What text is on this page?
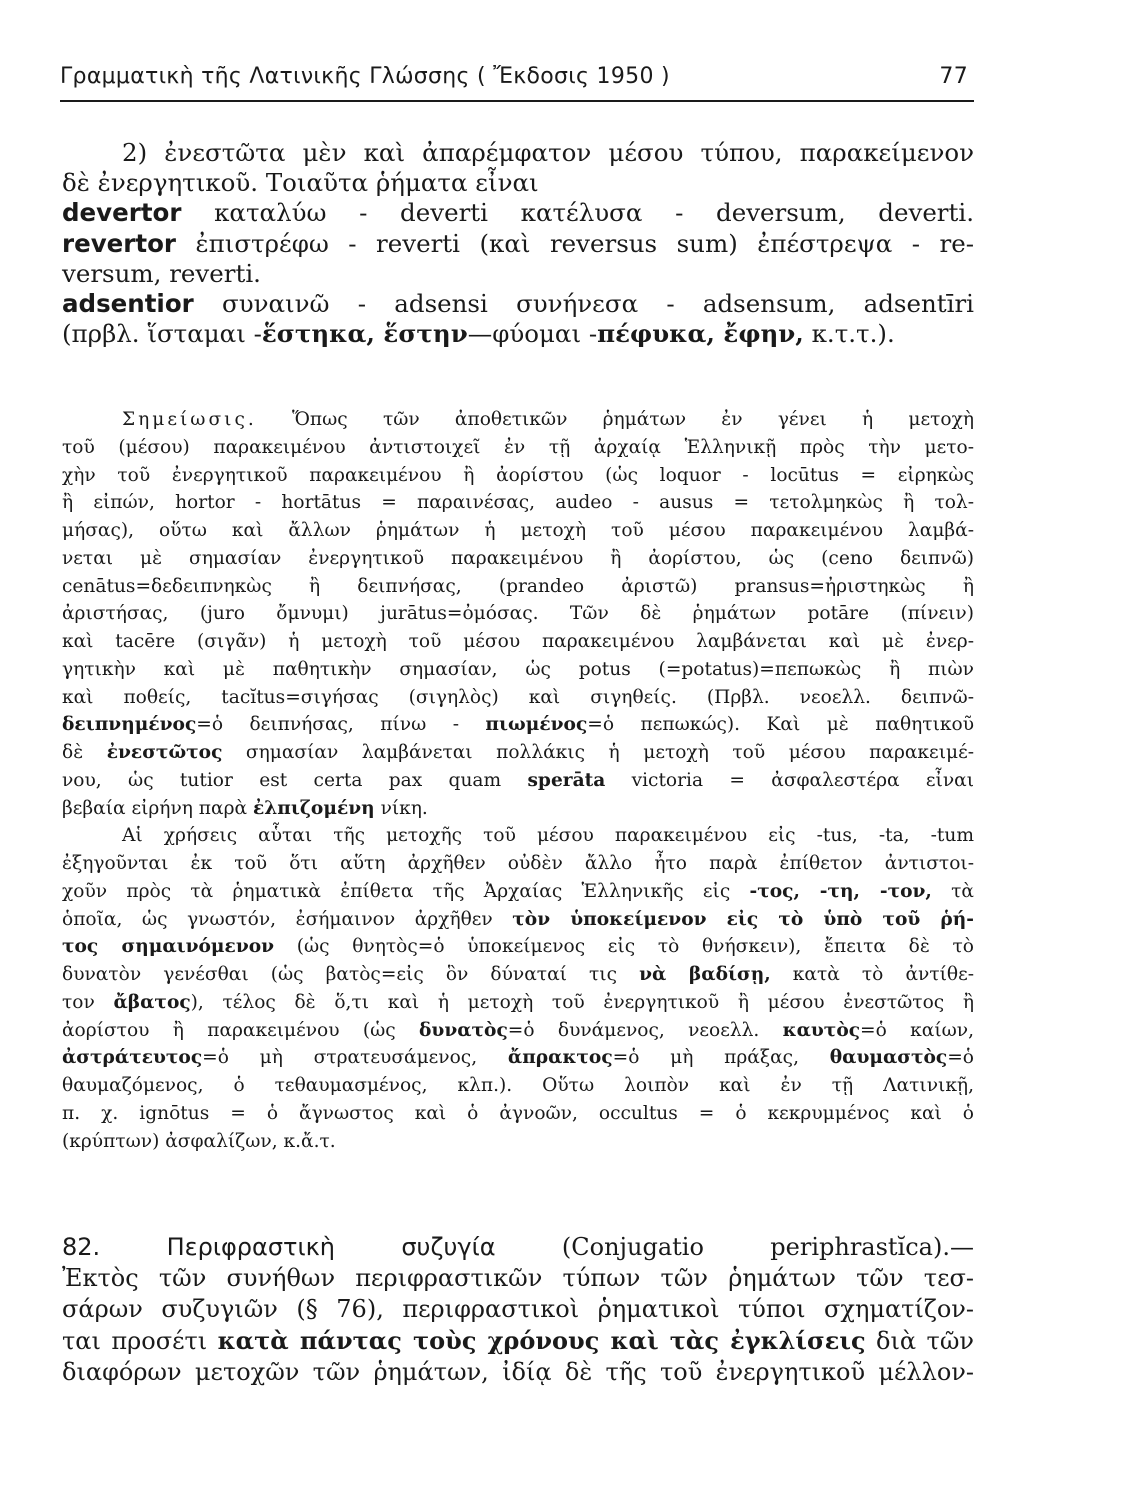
Γραμματικὴ τῆς Λατινικῆς Γλώσσης ( Ἔκδοσις 1950 )	77
2) ἐνεστῶτα μὲν καὶ ἀπαρέμφατον μέσου τύπου, παρακείμενον
δὲ ἐνεργητικοῦ. Τοιαῦτα ῥήματα εἶναι
devertor καταλύω - deverti κατέλυσα - deversum, deverti.
revertor ἐπιστρέφω - reverti (καὶ reversus sum) ἐπέστρεψα - re-
versum, reverti.
adsentior συναινῶ - adsensi συνήνεσα - adsensum, adsentīri
(πρβλ. ἵσταμαι -ἕστηκα, ἕστην—φύομαι -πέφυκα, ἔφην, κ.τ.τ.).
Σημείωσις. Ὅπως τῶν ἀποθετικῶν ῥημάτων ἐν γένει ἡ μετοχὴ
τοῦ (μέσου) παρακειμένου ἀντιστοιχεῖ ἐν τῇ ἀρχαίᾳ Ἑλληνικῇ πρὸς τὴν μετο-
χὴν τοῦ ἐνεργητικοῦ παρακειμένου ἢ ἀορίστου (ὡς loquor - locūtus = εἰρηκὼς
ἢ εἰπών, hortor - hortātus = παραινέσας, audeo - ausus = τετολμηκὼς ἢ τολ-
μήσας), οὕτω καὶ ἄλλων ῥημάτων ἡ μετοχὴ τοῦ μέσου παρακειμένου λαμβά-
νεται μὲ σημασίαν ἐνεργητικοῦ παρακειμένου ἢ ἀορίστου, ὡς (ceno δειπνῶ)
cenātus=δεδειπνηκὼς ἢ δειπνήσας, (prandeo ἀριστῶ) pransus=ἠριστηκὼς ἢ
ἀριστήσας, (juro ὄμνυμι) jurātus=ὀμόσας. Τῶν δὲ ῥημάτων potāre (πίνειν)
καὶ tacēre (σιγᾶν) ἡ μετοχὴ τοῦ μέσου παρακειμένου λαμβάνεται καὶ μὲ ἐνερ-
γητικὴν καὶ μὲ παθητικὴν σημασίαν, ὡς potus (=potatus)=πεπωκὼς ἢ πιὼν
καὶ ποθείς, tacĭtus=σιγήσας (σιγηλὸς) καὶ σιγηθείς. (Πρβλ. νεοελλ. δειπνῶ-
δειπνημένος=ὁ δειπνήσας, πίνω - πιωμένος=ὁ πεπωκώς). Καὶ μὲ παθητικοῦ
δὲ ἐνεστῶτος σημασίαν λαμβάνεται πολλάκις ἡ μετοχὴ τοῦ μέσου παρακειμέ-
νου, ὡς tutior est certa pax quam sperāta victoria = ἀσφαλεστέρα εἶναι
βεβαία εἰρήνη παρὰ ἐλπιζομένη νίκη.
Αἱ χρήσεις αὗται τῆς μετοχῆς τοῦ μέσου παρακειμένου εἰς -tus, -ta, -tum
ἐξηγοῦνται ἐκ τοῦ ὅτι αὕτη ἀρχῆθεν οὐδὲν ἄλλο ἦτο παρὰ ἐπίθετον ἀντιστοι-
χοῦν πρὸς τὰ ῥηματικὰ ἐπίθετα τῆς Ἀρχαίας Ἑλληνικῆς εἰς -τος, -τη, -τον, τὰ
ὁποῖα, ὡς γνωστόν, ἐσήμαινον ἀρχῆθεν τὸν ὑποκείμενον εἰς τὸ ὑπὸ τοῦ ῥή-
τος σημαινόμενον (ὡς θνητὸς=ὁ ὑποκείμενος εἰς τὸ θνήσκειν), ἔπειτα δὲ τὸ
δυνατὸν γενέσθαι (ὡς βατὸς=εἰς ὃν δύναταί τις νὰ βαδίσῃ, κατὰ τὸ ἀντίθε-
τον ἄβατος), τέλος δὲ ὅ,τι καὶ ἡ μετοχὴ τοῦ ἐνεργητικοῦ ἢ μέσου ἐνεστῶτος ἢ
ἀορίστου ἢ παρακειμένου (ὡς δυνατὸς=ὁ δυνάμενος, νεοελλ. καυτὸς=ὁ καίων,
ἀστράτευτος=ὁ μὴ στρατευσάμενος, ἄπρακτος=ὁ μὴ πράξας, θαυμαστὸς=ὁ
θαυμαζόμενος, ὁ τεθαυμασμένος, κλπ.). Οὕτω λοιπὸν καὶ ἐν τῇ Λατινικῇ,
π. χ. ignōtus = ὁ ἄγνωστος καὶ ὁ ἀγνοῶν, occultus = ὁ κεκρυμμένος καὶ ὁ
(κρύπτων) ἀσφαλίζων, κ.ἄ.τ.
82.	Περιφραστικὴ συζυγία	(Conjugatio periphrastĭca).—
Ἐκτὸς τῶν συνήθων περιφραστικῶν τύπων τῶν ῥημάτων τῶν τεσ-
σάρων συζυγιῶν (§ 76), περιφραστικοὶ ῥηματικοὶ τύποι σχηματίζον-
ται προσέτι κατὰ πάντας τοὺς χρόνους καὶ τὰς ἐγκλίσεις διὰ τῶν
διαφόρων μετοχῶν τῶν ῥημάτων, ἰδίᾳ δὲ τῆς τοῦ ἐνεργητικοῦ μέλλον-
